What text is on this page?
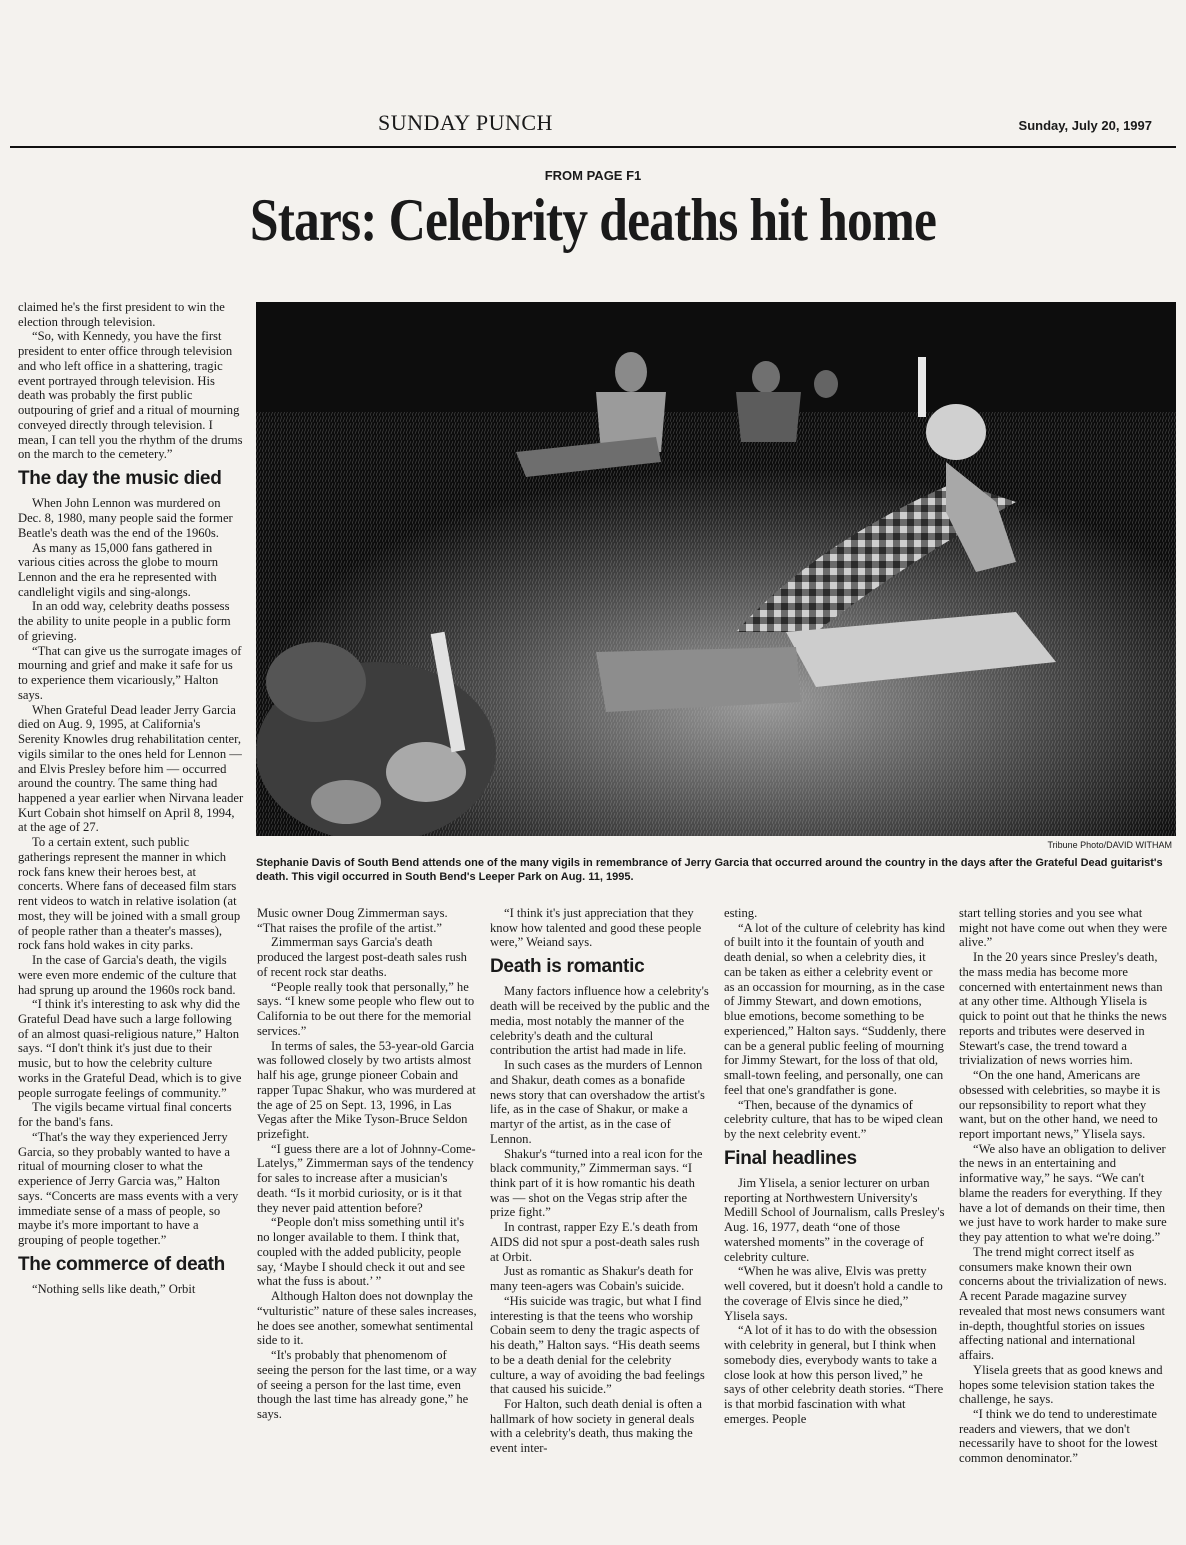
SUNDAY PUNCH	Sunday, July 20, 1997
FROM PAGE F1
Stars: Celebrity deaths hit home
Tribune Photo/DAVID WITHAM
Stephanie Davis of South Bend attends one of the many vigils in remembrance of Jerry Garcia that occurred around the country in the days after the Grateful Dead guitarist's death. This vigil occurred in South Bend's Leeper Park on Aug. 11, 1995.

claimed he's the first president to win the election through television.

“So, with Kennedy, you have the first president to enter office through television and who left office in a shattering, tragic event portrayed through television. His death was probably the first public outpouring of grief and a ritual of mourning conveyed directly through television. I mean, I can tell you the rhythm of the drums on the march to the cemetery.”

The day the music died

When John Lennon was murdered on Dec. 8, 1980, many people said the former Beatle's death was the end of the 1960s.

As many as 15,000 fans gathered in various cities across the globe to mourn Lennon and the era he represented with candlelight vigils and sing-alongs.

In an odd way, celebrity deaths possess the ability to unite people in a public form of grieving.

“That can give us the surrogate images of mourning and grief and make it safe for us to experience them vicariously,” Halton says.

When Grateful Dead leader Jerry Garcia died on Aug. 9, 1995, at California's Serenity Knowles drug rehabilitation center, vigils similar to the ones held for Lennon — and Elvis Presley before him — occurred around the country. The same thing had happened a year earlier when Nirvana leader Kurt Cobain shot himself on April 8, 1994, at the age of 27.

To a certain extent, such public gatherings represent the manner in which rock fans knew their heroes best, at concerts. Where fans of deceased film stars rent videos to watch in relative isolation (at most, they will be joined with a small group of people rather than a theater's masses), rock fans hold wakes in city parks.

In the case of Garcia's death, the vigils were even more endemic of the culture that had sprung up around the 1960s rock band.

“I think it's interesting to ask why did the Grateful Dead have such a large following of an almost quasi-religious nature,” Halton says. “I don't think it's just due to their music, but to how the celebrity culture works in the Grateful Dead, which is to give people surrogate feelings of community.”

The vigils became virtual final concerts for the band's fans.

“That's the way they experienced Jerry Garcia, so they probably wanted to have a ritual of mourning closer to what the experience of Jerry Garcia was,” Halton says. “Concerts are mass events with a very immediate sense of a mass of people, so maybe it's more important to have a grouping of people together.”

The commerce of death

“Nothing sells like death,” Orbit

Music owner Doug Zimmerman says. “That raises the profile of the artist.”

Zimmerman says Garcia's death produced the largest post-death sales rush of recent rock star deaths.

“People really took that personally,” he says. “I knew some people who flew out to California to be out there for the memorial services.”

In terms of sales, the 53-year-old Garcia was followed closely by two artists almost half his age, grunge pioneer Cobain and rapper Tupac Shakur, who was murdered at the age of 25 on Sept. 13, 1996, in Las Vegas after the Mike Tyson-Bruce Seldon prizefight.

“I guess there are a lot of Johnny-Come-Latelys,” Zimmerman says of the tendency for sales to increase after a musician's death. “Is it morbid curiosity, or is it that they never paid attention before?

“People don't miss something until it's no longer available to them. I think that, coupled with the added publicity, people say, ‘Maybe I should check it out and see what the fuss is about.’ ”

Although Halton does not downplay the “vulturistic” nature of these sales increases, he does see another, somewhat sentimental side to it.

“It's probably that phenomenom of seeing the person for the last time, or a way of seeing a person for the last time, even though the last time has already gone,” he says.

“I think it's just appreciation that they know how talented and good these people were,” Weiand says.

Death is romantic

Many factors influence how a celebrity's death will be received by the public and the media, most notably the manner of the celebrity's death and the cultural contribution the artist had made in life.

In such cases as the murders of Lennon and Shakur, death comes as a bonafide news story that can overshadow the artist's life, as in the case of Shakur, or make a martyr of the artist, as in the case of Lennon.

Shakur's “turned into a real icon for the black community,” Zimmerman says. “I think part of it is how romantic his death was — shot on the Vegas strip after the prize fight.”

In contrast, rapper Ezy E.'s death from AIDS did not spur a post-death sales rush at Orbit.

Just as romantic as Shakur's death for many teen-agers was Cobain's suicide.

“His suicide was tragic, but what I find interesting is that the teens who worship Cobain seem to deny the tragic aspects of his death,” Halton says. “His death seems to be a death denial for the celebrity culture, a way of avoiding the bad feelings that caused his suicide.”

For Halton, such death denial is often a hallmark of how society in general deals with a celebrity's death, thus making the event inter-

esting.

“A lot of the culture of celebrity has kind of built into it the fountain of youth and death denial, so when a celebrity dies, it can be taken as either a celebrity event or as an occassion for mourning, as in the case of Jimmy Stewart, and down emotions, blue emotions, become something to be experienced,” Halton says. “Suddenly, there can be a general public feeling of mourning for Jimmy Stewart, for the loss of that old, small-town feeling, and personally, one can feel that one's grandfather is gone.

“Then, because of the dynamics of celebrity culture, that has to be wiped clean by the next celebrity event.”

Final headlines

Jim Ylisela, a senior lecturer on urban reporting at Northwestern University's Medill School of Journalism, calls Presley's Aug. 16, 1977, death “one of those watershed moments” in the coverage of celebrity culture.

“When he was alive, Elvis was pretty well covered, but it doesn't hold a candle to the coverage of Elvis since he died,” Ylisela says.

“A lot of it has to do with the obsession with celebrity in general, but I think when somebody dies, everybody wants to take a close look at how this person lived,” he says of other celebrity death stories. “There is that morbid fascination with what emerges. People

start telling stories and you see what might not have come out when they were alive.”

In the 20 years since Presley's death, the mass media has become more concerned with entertainment news than at any other time. Although Ylisela is quick to point out that he thinks the news reports and tributes were deserved in Stewart's case, the trend toward a trivialization of news worries him.

“On the one hand, Americans are obsessed with celebrities, so maybe it is our repsonsibility to report what they want, but on the other hand, we need to report important news,” Ylisela says.

“We also have an obligation to deliver the news in an entertaining and informative way,” he says. “We can't blame the readers for everything. If they have a lot of demands on their time, then we just have to work harder to make sure they pay attention to what we're doing.”

The trend might correct itself as consumers make known their own concerns about the trivialization of news. A recent Parade magazine survey revealed that most news consumers want in-depth, thoughtful stories on issues affecting national and international affairs.

Ylisela greets that as good knews and hopes some television station takes the challenge, he says.

“I think we do tend to underestimate readers and viewers, that we don't necessarily have to shoot for the lowest common denominator.”
